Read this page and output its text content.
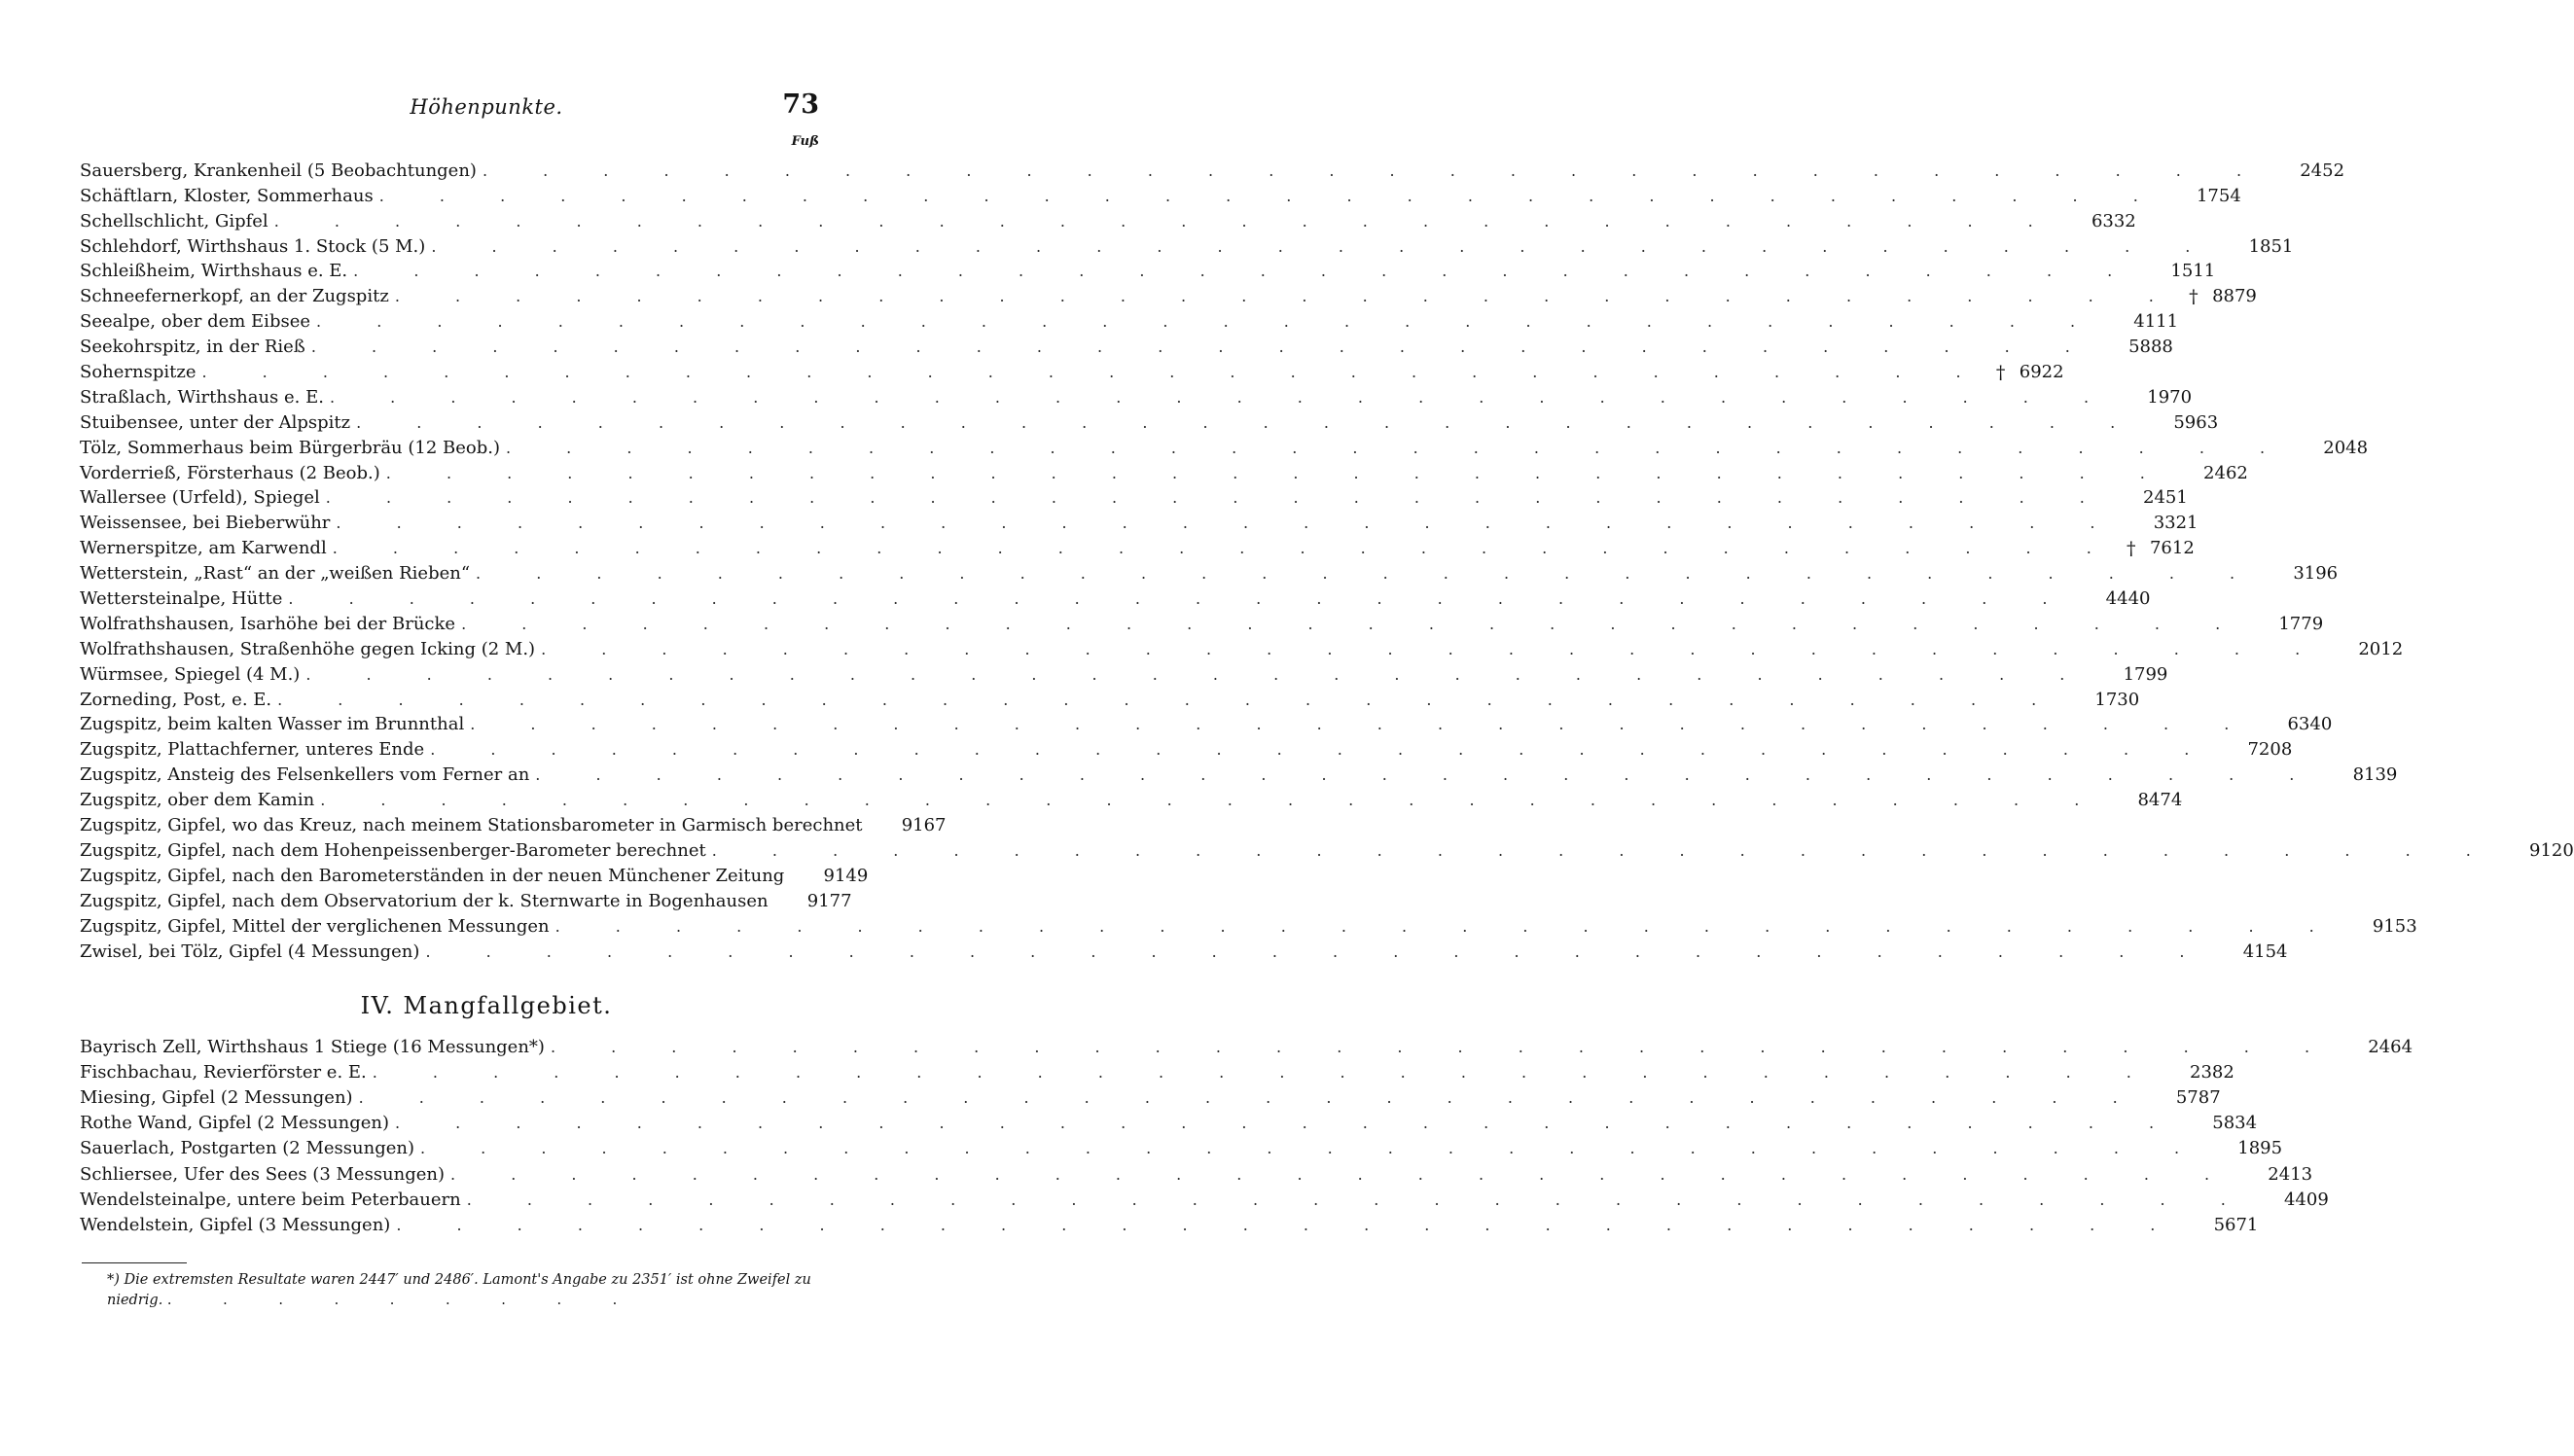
Höhenpunkte.	73
Fuß
Sauersberg, Krankenheil (5 Beobachtungen) . . . . . . . . . . . . . . . . . . . . . . . . . . . . . .	2452
Schäftlarn, Kloster, Sommerhaus . . . . . . . . . . . . . . . . . . . . . . . . . . . . . .	1754
Schellschlicht, Gipfel . . . . . . . . . . . . . . . . . . . . . . . . . . . . . .	6332
Schlehdorf, Wirthshaus 1. Stock (5 M.) . . . . . . . . . . . . . . . . . . . . . . . . . . . . . .	1851
Schleißheim, Wirthshaus e. E. . . . . . . . . . . . . . . . . . . . . . . . . . . . . . .	1511
Schneefernerkopf, an der Zugspitz . . . . . . . . . . . . . . . . . . . . . . . . . . . . . . † 8879
Seealpe, ober dem Eibsee . . . . . . . . . . . . . . . . . . . . . . . . . . . . . .	4111
Seekohrspitz, in der Rieß . . . . . . . . . . . . . . . . . . . . . . . . . . . . . .	5888
Sohernspitze . . . . . . . . . . . . . . . . . . . . . . . . . . . . . . † 6922
Straßlach, Wirthshaus e. E. . . . . . . . . . . . . . . . . . . . . . . . . . . . . . .	1970
Stuibensee, unter der Alpspitz . . . . . . . . . . . . . . . . . . . . . . . . . . . . . .	5963
Tölz, Sommerhaus beim Bürgerbräu (12 Beob.) . . . . . . . . . . . . . . . . . . . . . . . . . . . . . .	2048
Vorderrieß, Försterhaus (2 Beob.) . . . . . . . . . . . . . . . . . . . . . . . . . . . . . .	2462
Wallersee (Urfeld), Spiegel . . . . . . . . . . . . . . . . . . . . . . . . . . . . . .	2451
Weissensee, bei Bieberwühr . . . . . . . . . . . . . . . . . . . . . . . . . . . . . .	3321
Wernerspitze, am Karwendl . . . . . . . . . . . . . . . . . . . . . . . . . . . . . . † 7612
Wetterstein, „Rast“ an der „weißen Rieben“ . . . . . . . . . . . . . . . . . . . . . . . . . . . . . .	3196
Wettersteinalpe, Hütte . . . . . . . . . . . . . . . . . . . . . . . . . . . . . .	4440
Wolfrathshausen, Isarhöhe bei der Brücke . . . . . . . . . . . . . . . . . . . . . . . . . . . . . .	1779
Wolfrathshausen, Straßenhöhe gegen Icking (2 M.) . . . . . . . . . . . . . . . . . . . . . . . . . . . . . .	2012
Würmsee, Spiegel (4 M.) . . . . . . . . . . . . . . . . . . . . . . . . . . . . . .	1799
Zorneding, Post, e. E. . . . . . . . . . . . . . . . . . . . . . . . . . . . . . .	1730
Zugspitz, beim kalten Wasser im Brunnthal . . . . . . . . . . . . . . . . . . . . . . . . . . . . . .	6340
Zugspitz, Plattachferner, unteres Ende . . . . . . . . . . . . . . . . . . . . . . . . . . . . . .	7208
Zugspitz, Ansteig des Felsenkellers vom Ferner an . . . . . . . . . . . . . . . . . . . . . . . . . . . . . .	8139
Zugspitz, ober dem Kamin . . . . . . . . . . . . . . . . . . . . . . . . . . . . . .	8474
Zugspitz, Gipfel, wo das Kreuz, nach meinem Stationsbarometer in Garmisch berechnet	9167
Zugspitz, Gipfel, nach dem Hohenpeissenberger-Barometer berechnet . . . . . . . . . . . . . . . . . . . . . . . . . . . . . .	9120
Zugspitz, Gipfel, nach den Barometerständen in der neuen Münchener Zeitung	9149
Zugspitz, Gipfel, nach dem Observatorium der k. Sternwarte in Bogenhausen	9177
Zugspitz, Gipfel, Mittel der verglichenen Messungen . . . . . . . . . . . . . . . . . . . . . . . . . . . . . .	9153
Zwisel, bei Tölz, Gipfel (4 Messungen) . . . . . . . . . . . . . . . . . . . . . . . . . . . . . .	4154
IV. Mangfallgebiet.
Bayrisch Zell, Wirthshaus 1 Stiege (16 Messungen*) . . . . . . . . . . . . . . . . . . . . . . . . . . . . . .	2464
Fischbachau, Revierförster e. E. . . . . . . . . . . . . . . . . . . . . . . . . . . . . . .	2382
Miesing, Gipfel (2 Messungen) . . . . . . . . . . . . . . . . . . . . . . . . . . . . . .	5787
Rothe Wand, Gipfel (2 Messungen) . . . . . . . . . . . . . . . . . . . . . . . . . . . . . .	5834
Sauerlach, Postgarten (2 Messungen) . . . . . . . . . . . . . . . . . . . . . . . . . . . . . .	1895
Schliersee, Ufer des Sees (3 Messungen) . . . . . . . . . . . . . . . . . . . . . . . . . . . . . .	2413
Wendelsteinalpe, untere beim Peterbauern . . . . . . . . . . . . . . . . . . . . . . . . . . . . . .	4409
Wendelstein, Gipfel (3 Messungen) . . . . . . . . . . . . . . . . . . . . . . . . . . . . . .	5671
*) Die extremsten Resultate waren 2447′ und 2486′. Lamont's Angabe zu 2351′ ist ohne Zweifel zu niedrig. . . . . . . . . .
